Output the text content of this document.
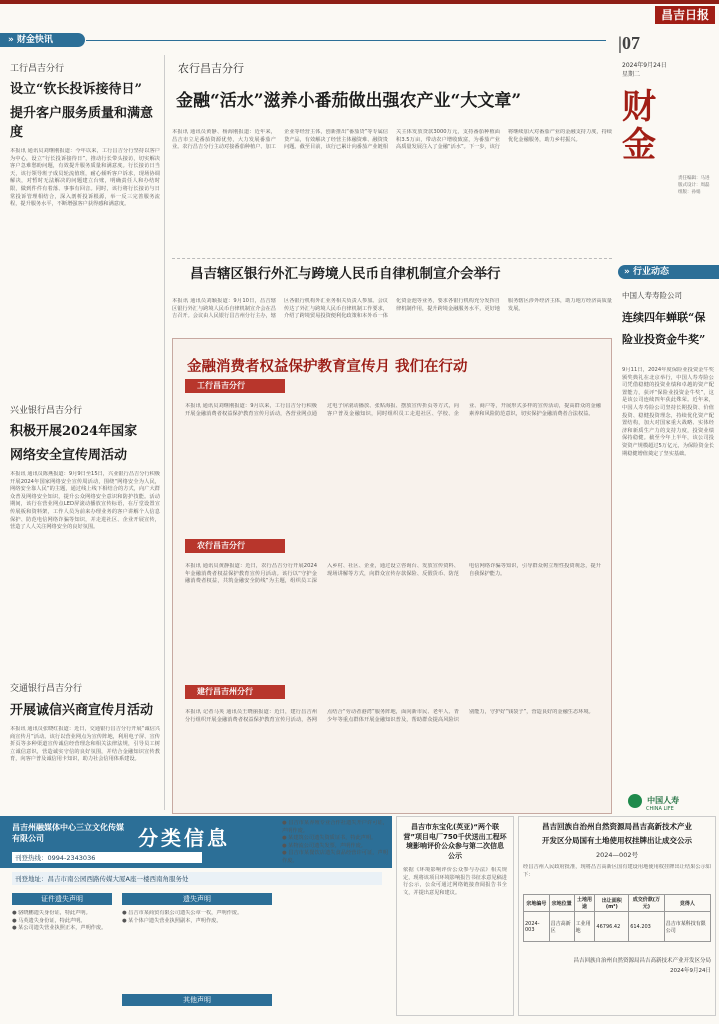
昌吉日报
|07
2024年9月24日
星期二
» 财金快讯
工行昌吉分行
设立“钦长投诉接待日”
提升客户服务质量和满意度
本报讯 通讯员刘继刚报道：今年以来，工行昌吉分行坚持以客户为中心，设立“行长投诉接待日”，推动行长带头接访，切实解决客户急难愁盼问题，有效提升服务质量和满意度。行长接访日当天，该行领导班子成员轮流值班，耐心倾听客户诉求，现场协调解决，对暂时无法解决的问题建立台账，明确责任人和办结时限，做到件件有着落、事事有回音。同时，该行将行长接访与日常投诉管理相结合，深入剖析投诉根源，举一反三完善服务流程，提升服务水平，不断增强客户获得感和满意度。
兴业银行昌吉分行
积极开展2024年国家
网络安全宣传周活动
本报讯 通讯员陈燕报道：9月9日至15日，兴业银行昌吉分行积极开展2024年国家网络安全宣传周活动，围绕“网络安全为人民，网络安全靠人民”的主题，通过线上线下相结合的方式，向广大群众普及网络安全知识，提升公众网络安全意识和防护技能。活动期间，该行在营业网点LED屏滚动播放宣传标语，在厅堂设置宣传展板和资料架，工作人员为前来办理业务的客户讲解个人信息保护、防范电信网络诈骗等知识，并走进社区、企业开展宣传，营造了人人关注网络安全的良好氛围。
交通银行昌吉分行
开展诚信兴商宣传月活动
本报讯 通讯员张晓红报道：近日，交通银行昌吉分行开展“诚信兴商宣传月”活动。该行以营业网点为宣传阵地，利用电子屏、宣传折页等多种渠道宣传诚信经营理念和相关法律法规，引导员工树立诚信意识，营造诚实守信的良好氛围，并结合金融知识宣传教育，向客户普及诚信用卡知识，助力社会信用体系建设。
农行昌吉分行
金融“活水”滋养小番茄做出强农产业“大文章”
本报讯 通讯员黄静、杨海刚报道：近年来，昌吉市立足番茄资源优势，大力发展番茄产业。农行昌吉分行主动对接番茄种植户、加工企业等经营主体，创新推出“番茄贷”等专属信贷产品，有效解决了经营主体融资难、融资贵问题。截至目前，该行已累计向番茄产业链相关主体发放贷款3000万元，支持番茄种植面积3.5万亩，带动农户增收致富，为番茄产业高质量发展注入了金融“活水”。下一步，该行将继续加大对番茄产业的金融支持力度，持续优化金融服务，助力乡村振兴。
财金
责任编辑：马进
版式设计：周磊
组版：孙娟
昌吉辖区银行外汇与跨境人民币自律机制宣介会举行
本报讯 通讯员刘颖报道：9月10日，昌吉辖区银行外汇与跨境人民币自律机制宣介会在昌吉召开。会议由人民银行昌吉州分行主办，辖区各银行机构外汇业务相关负责人参加。会议传达了外汇与跨境人民币自律机制工作要求，介绍了跨境贸易投资便利化政策和本外币一体化资金池等业务，要求各银行机构充分发挥自律机制作用，提升跨境金融服务水平，更好地服务辖区涉外经济主体，助力地方经济高质量发展。
» 行业动态
中国人寿寿险公司
连续四年蝉联“保
险业投资金牛奖”
9月11日，2024年度保险业投资金牛奖颁奖典礼在北京举行，中国人寿寿险公司凭借稳健的投资业绩和卓越的资产配置能力，获评“保险业投资金牛奖”，这是该公司连续四年获此殊荣。近年来，中国人寿寿险公司坚持长期投资、价值投资、稳健投资理念，持续优化资产配置结构，加大对国家重大战略、实体经济和新质生产力的支持力度，投资业绩保持稳健。截至今年上半年，该公司投资资产规模超过5万亿元，为保险资金长期稳健增值奠定了坚实基础。
中国人寿
CHINA LIFE
金融消费者权益保护教育宣传月 我们在行动
工行昌吉分行
本报讯 通讯员刘继刚报道：9月以来，工行昌吉分行积极开展金融消费者权益保护教育宣传月活动，各营业网点通过电子屏滚动播放、张贴海报、摆放宣传折页等方式，向客户普及金融知识，同时组织员工走进社区、学校、企业、商户等，开展形式多样的宣传活动，提高群众的金融素养和风险防范意识，切实保护金融消费者合法权益。
农行昌吉分行
本报讯 通讯员黄静报道：近日，农行昌吉分行开展2024年金融消费者权益保护教育宣传月活动。该行以“守护金融消费者权益，共筑金融安全防线”为主题，组织员工深入乡村、社区、企业，通过设立咨询台、发放宣传资料、现场讲解等方式，向群众宣传存款保险、反假货币、防范电信网络诈骗等知识，引导群众树立理性投资观念，提升自我保护能力。
建行昌吉州分行
本报讯 记者马英 通讯员王晓丽报道：近日，建行昌吉州分行组织开展金融消费者权益保护教育宣传月活动，各网点结合“劳动者港湾”服务阵地，面向新市民、老年人、青少年等重点群体开展金融知识普及，帮助群众提高风险识别能力，守护好“钱袋子”，营造良好的金融生态环境。
昌吉州融媒体中心三立文化传媒有限公司	分类信息
刊登热线：0994-2343036
刊登地址：昌吉市南公园西路传媒大厦A座一楼西南角服务处
证件遗失声明
● 骆晓鹏遗失身份证，特此声明。
● 马英遗失身份证，特此声明。
● 某公司遗失营业执照正本，声明作废。
遗失声明
● 昌吉市某商贸有限公司遗失公章一枚，声明作废。
● 某个体户遗失营业执照副本，声明作废。
其他声明
● 昌吉市某养殖专业合作社遗失开户许可证，声明作废。
● 某建筑公司遗失资质证书，特此声明。
● 某物流公司遗失发票，声明作废。
● 昌吉市某餐饮店遗失食品经营许可证，声明作废。
昌吉市东宝化(英亚)“两个联营”项目电厂750千伏送出工程环境影响评价公众参与第二次信息公示
依据《环境影响评价公众参与办法》相关规定，现将该项目环境影响报告书征求意见稿进行公示，公众可通过网络链接查阅报告书全文，并提出意见和建议。
昌吉回族自治州自然资源局昌吉高新技术产业
开发区分局国有土地使用权挂牌出让成交公示
2024—002号
经昌吉州人民政府批准，现将昌吉高新区国有建设用地使用权挂牌出让结果公示如下：
宗地编号	宗地位置	土地用途	出让面积(m²)	成交价款(万元)	竞得人
2024-003	昌吉高新区	工业用地	46796.42	614.203	昌吉市某科技有限公司
昌吉回族自治州自然资源局昌吉高新技术产业开发区分局
2024年9月24日
